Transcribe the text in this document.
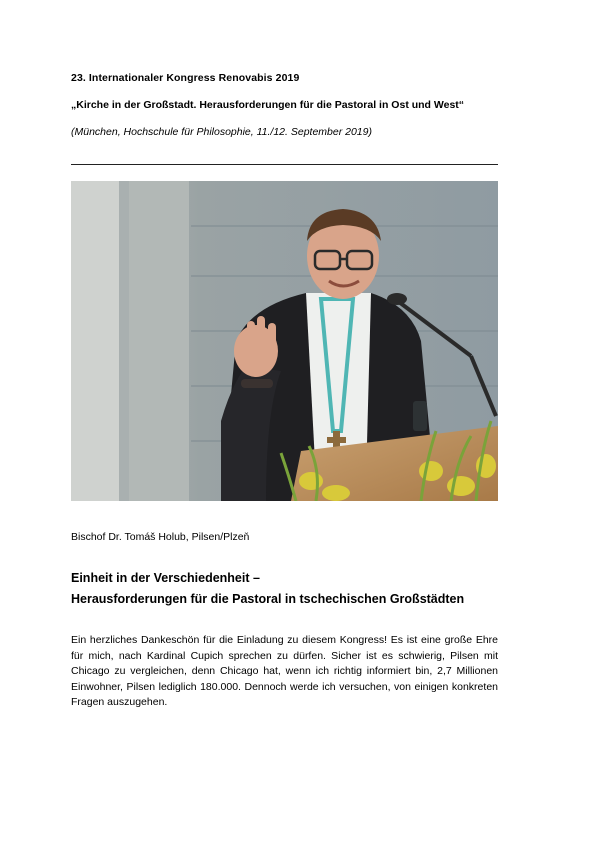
23. Internationaler Kongress Renovabis 2019
„Kirche in der Großstadt. Herausforderungen für die Pastoral in Ost und West“
(München, Hochschule für Philosophie, 11./12. September 2019)
Bischof Dr. Tomáš Holub, Pilsen/Plzeň
Einheit in der Verschiedenheit –
Herausforderungen für die Pastoral in tschechischen Großstädten
Ein herzliches Dankeschön für die Einladung zu diesem Kongress! Es ist eine große Ehre für mich, nach Kardinal Cupich sprechen zu dürfen. Sicher ist es schwierig, Pilsen mit Chicago zu vergleichen, denn Chicago hat, wenn ich richtig informiert bin, 2,7 Millionen Einwohner, Pilsen lediglich 180.000. Dennoch werde ich versuchen, von einigen konkreten Fragen auszugehen.
